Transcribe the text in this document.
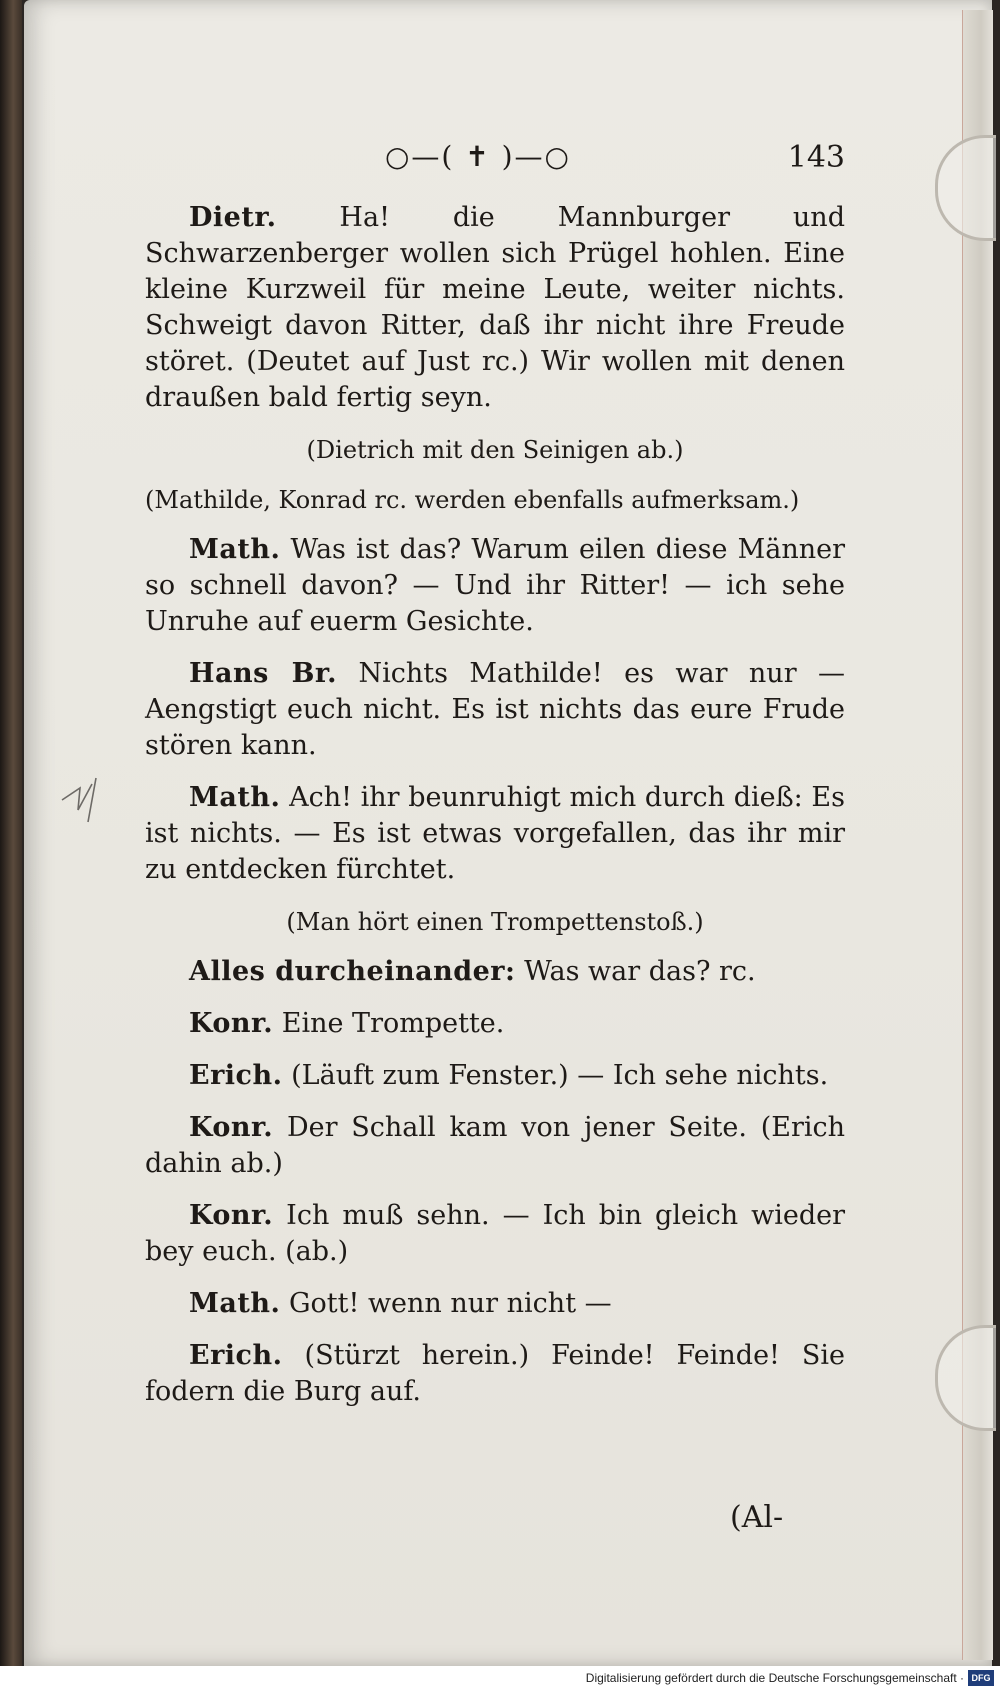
○—( ✝ )—○	143

Dietr. Ha! die Mannburger und Schwarzenberger wollen sich Prügel hohlen. Eine kleine Kurzweil für meine Leute, weiter nichts. Schweigt davon Ritter, daß ihr nicht ihre Freude störet. (Deutet auf Just rc.) Wir wollen mit denen draußen bald fertig seyn.

(Dietrich mit den Seinigen ab.)

(Mathilde, Konrad rc. werden ebenfalls aufmerksam.)

Math. Was ist das? Warum eilen diese Männer so schnell davon? — Und ihr Ritter! — ich sehe Unruhe auf euerm Gesichte.

Hans Br. Nichts Mathilde! es war nur — Aengstigt euch nicht. Es ist nichts das eure Frude stören kann.

Math. Ach! ihr beunruhigt mich durch dieß: Es ist nichts. — Es ist etwas vorgefallen, das ihr mir zu entdecken fürchtet.

(Man hört einen Trompettenstoß.)

Alles durcheinander: Was war das? rc.

Konr. Eine Trompette.

Erich. (Läuft zum Fenster.) — Ich sehe nichts.

Konr. Der Schall kam von jener Seite. (Erich dahin ab.)

Konr. Ich muß sehn. — Ich bin gleich wieder bey euch. (ab.)

Math. Gott! wenn nur nicht —

Erich. (Stürzt herein.) Feinde! Feinde! Sie fodern die Burg auf.

(Al-
Digitalisierung gefördert durch die Deutsche Forschungsgemeinschaft · DFG
